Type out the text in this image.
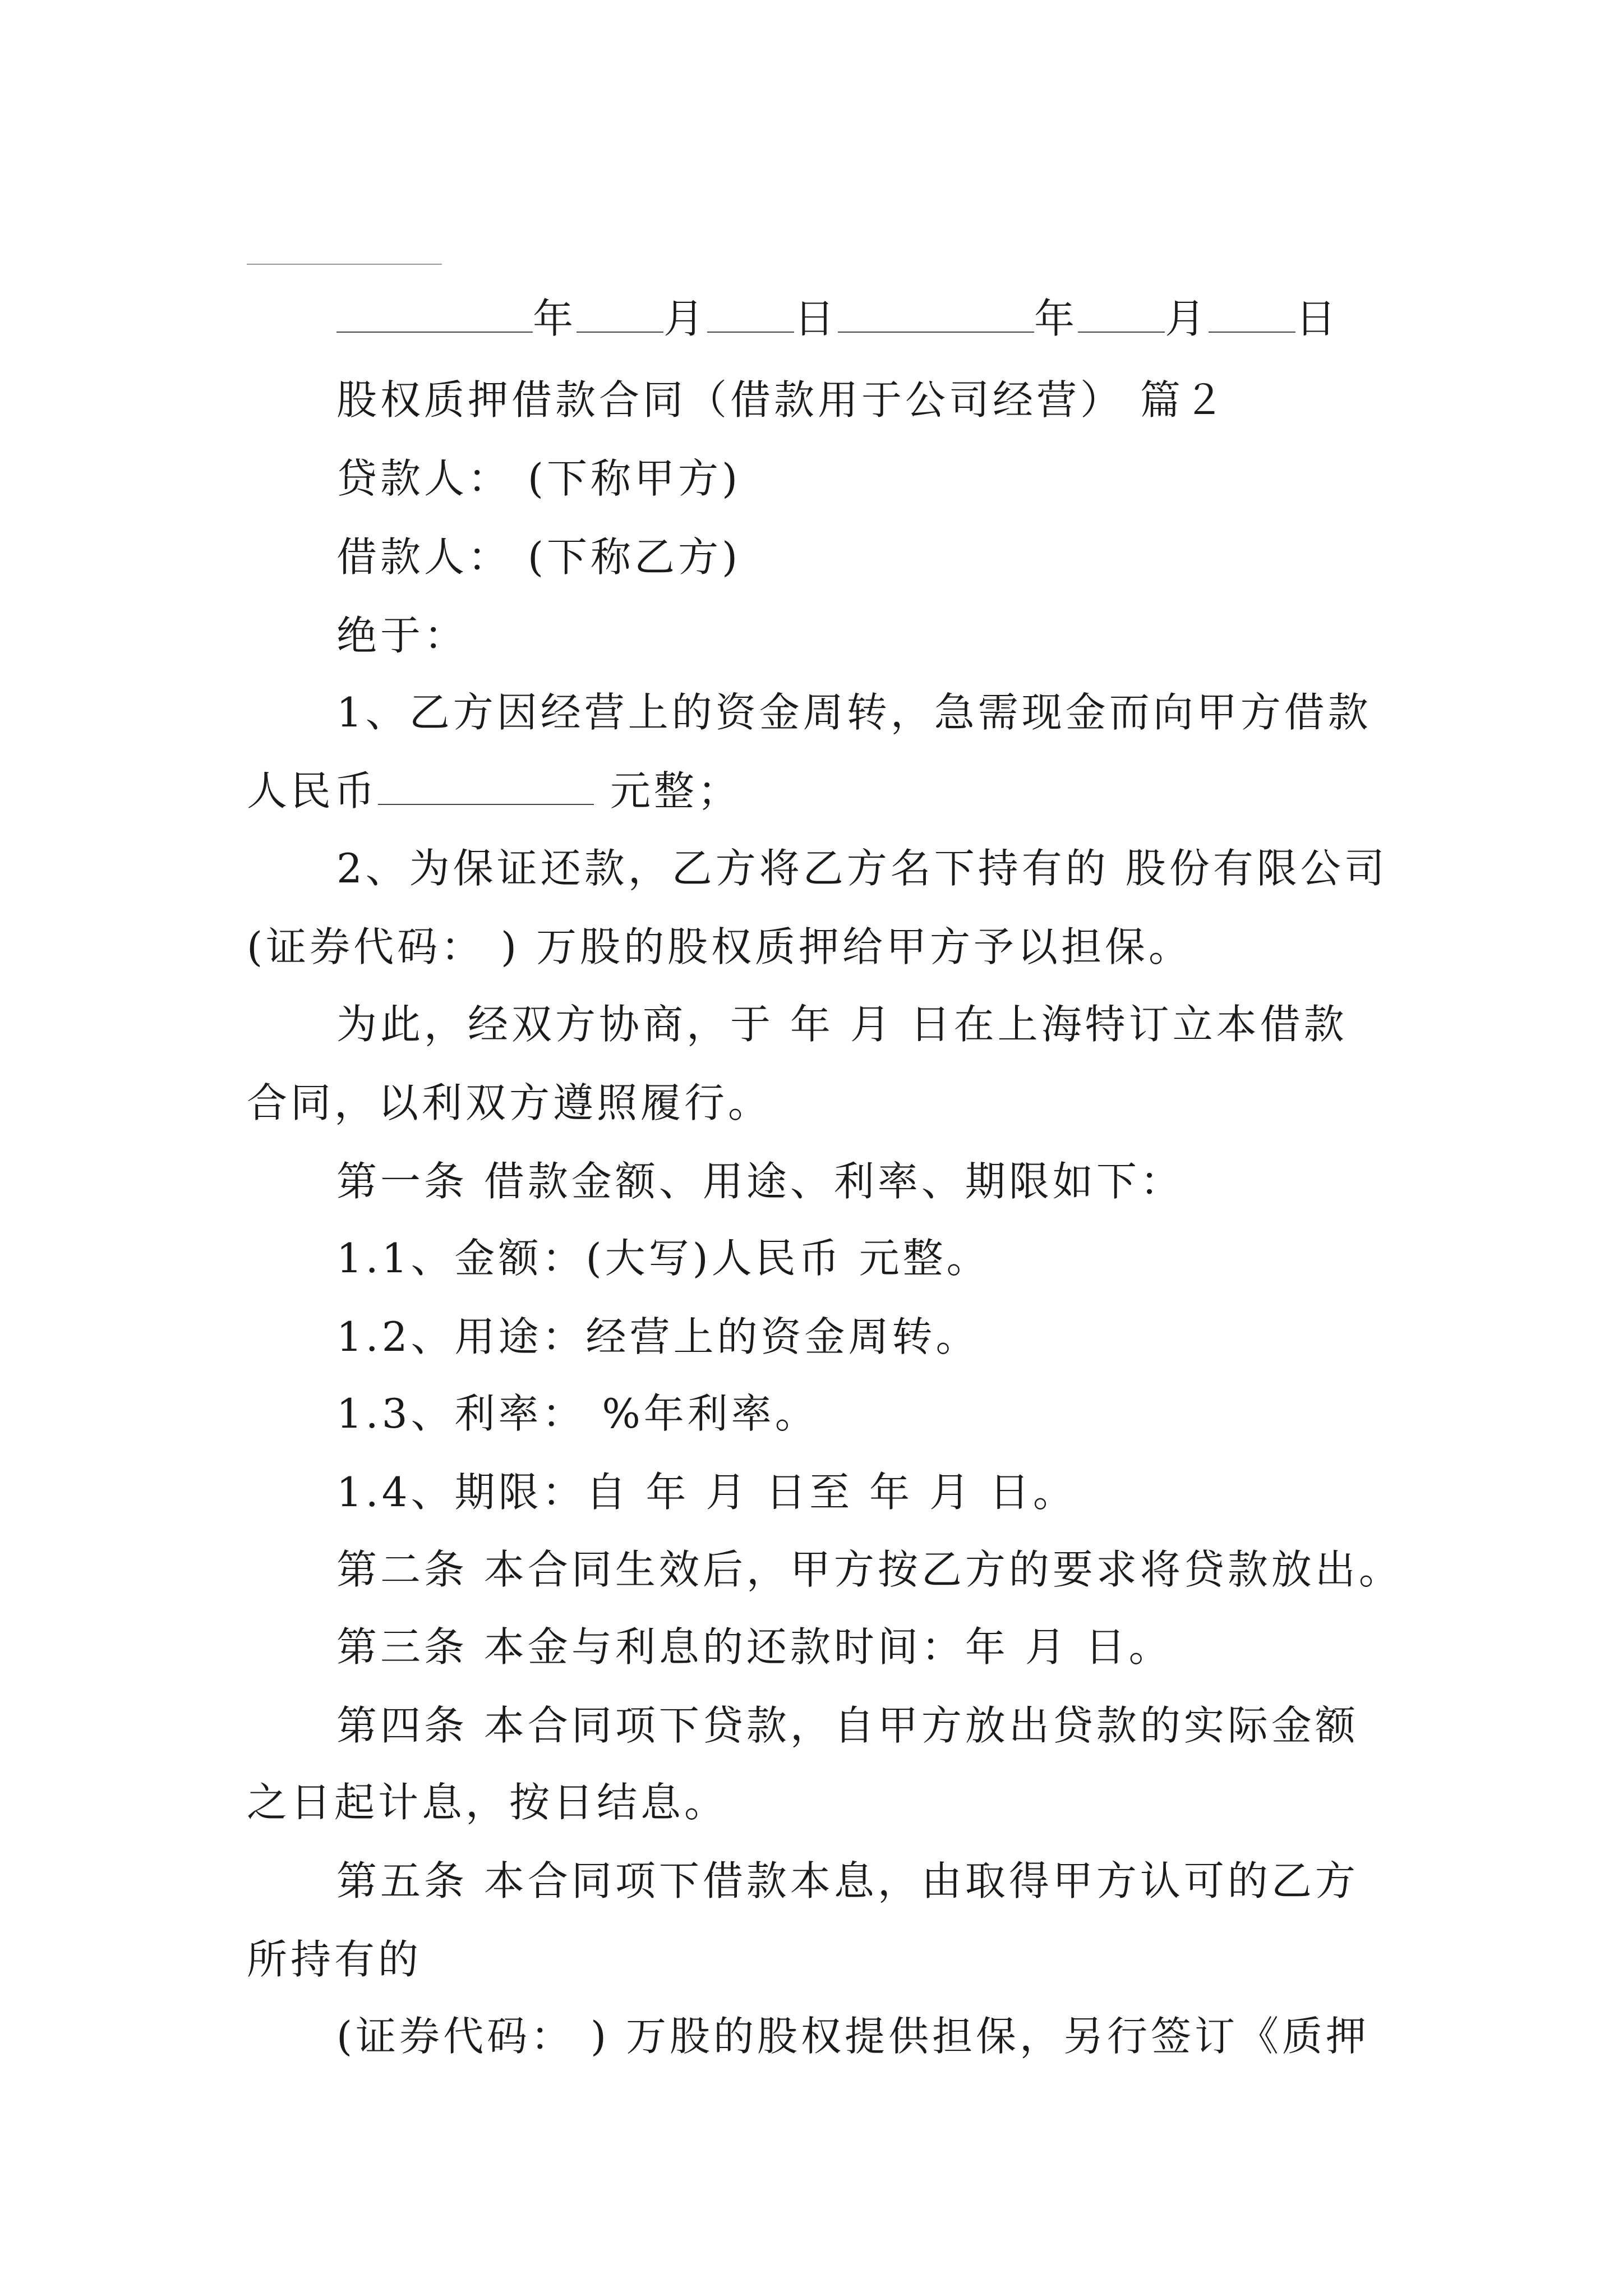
年 月 日	年 月 日

股权质押借款合同（借款用于公司经营） 篇２

贷款人： (下称甲方)

借款人： (下称乙方)

绝于：

1、乙方因经营上的资金周转，急需现金而向甲方借款

人民币	元整；

2、为保证还款，乙方将乙方名下持有的 股份有限公司

(证券代码： ) 万股的股权质押给甲方予以担保。

为此，经双方协商，于 年 月 日在上海特订立本借款

合同，以利双方遵照履行。

第一条 借款金额、用途、利率、期限如下：

1.1、金额：(大写)人民币 元整。

1.2、用途：经营上的资金周转。

1.3、利率： %年利率。

1.4、期限：自 年 月 日至 年 月 日。

第二条 本合同生效后，甲方按乙方的要求将贷款放出。

第三条 本金与利息的还款时间：年 月 日。

第四条 本合同项下贷款，自甲方放出贷款的实际金额

之日起计息，按日结息。

第五条 本合同项下借款本息，由取得甲方认可的乙方

所持有的

(证券代码： ) 万股的股权提供担保，另行签订《质押
